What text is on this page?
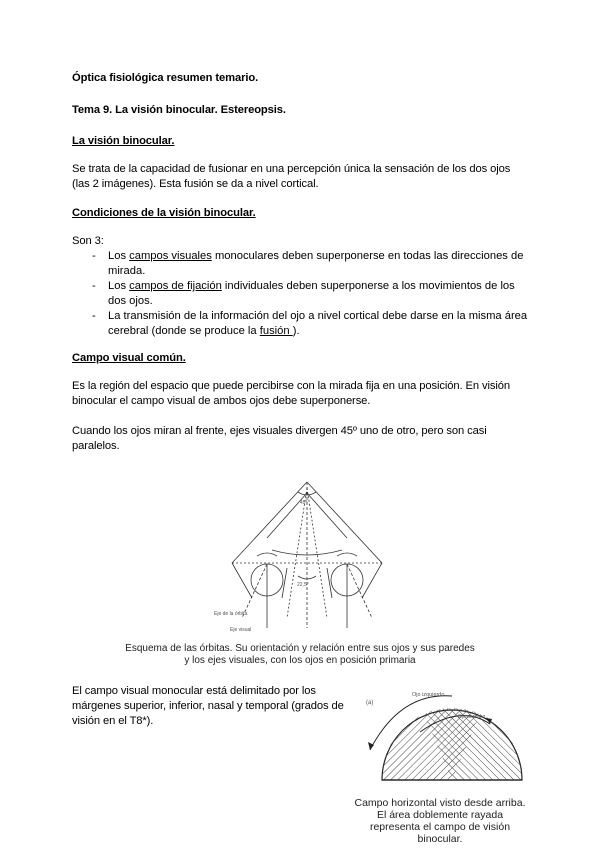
Óptica fisiológica resumen temario.
Tema 9. La visión binocular. Estereopsis.
La visión binocular.
Se trata de la capacidad de fusionar en una percepción única la sensación de los dos ojos
(las 2 imágenes). Esta fusión se da a nivel cortical.
Condiciones de la visión binocular.
Son 3:
- Los campos visuales monoculares deben superponerse en todas las direcciones de mirada.
- Los campos de fijación individuales deben superponerse a los movimientos de los dos ojos.
- La transmisión de la información del ojo a nivel cortical debe darse en la misma área cerebral (donde se produce la fusión ).
Campo visual común.
Es la región del espacio que puede percibirse con la mirada fija en una posición. En visión
binocular el campo visual de ambos ojos debe superponerse.
Cuando los ojos miran al frente, ejes visuales divergen 45º uno de otro, pero son casi
paralelos.
45°
22,5°
Eje de la órbita
Eje visual
Esquema de las órbitas. Su orientación y relación entre sus ojos y sus paredes
y los ejes visuales, con los ojos en posición primaria
El campo visual monocular está delimitado por los
márgenes superior, inferior, nasal y temporal (grados de
visión en el T8*).
(a)
Ojo izquierdo
Ojo derecho
Campo horizontal visto desde arriba.
El área doblemente rayada
representa el campo de visión
binocular.
